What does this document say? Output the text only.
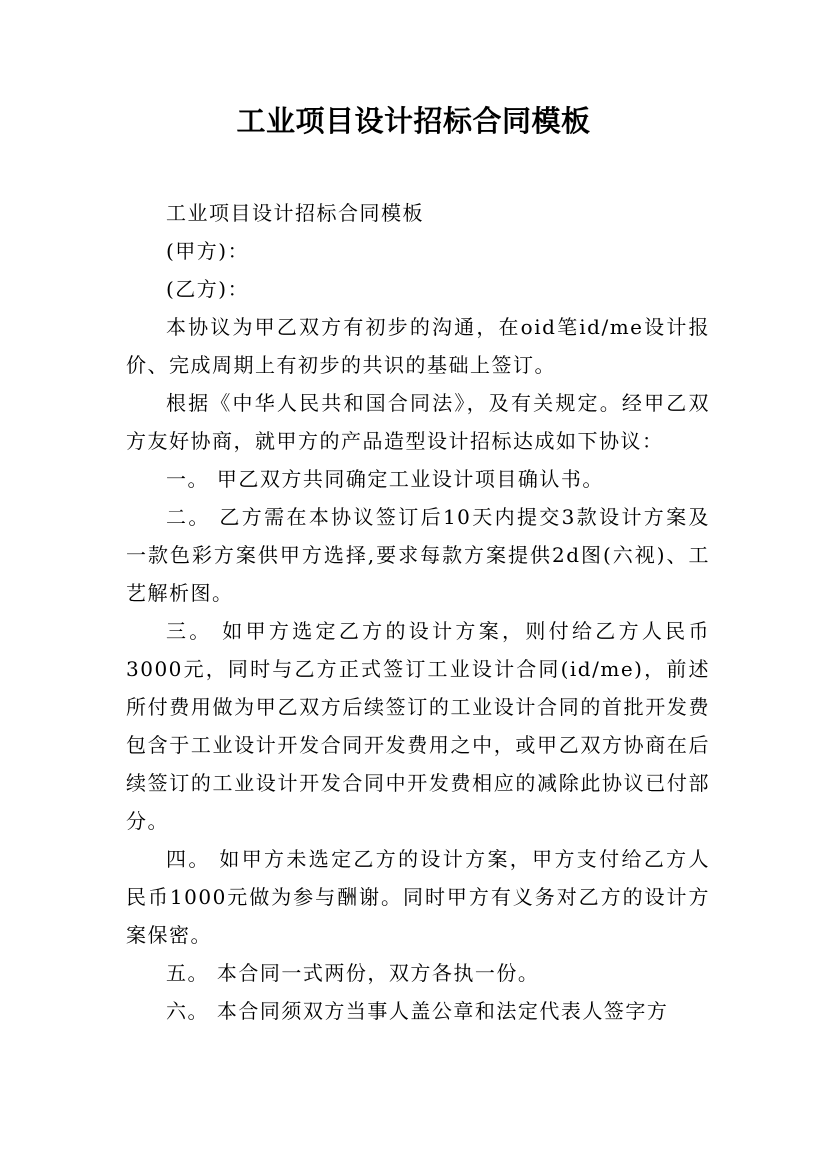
工业项目设计招标合同模板

工业项目设计招标合同模板

(甲方)：

(乙方)：

本协议为甲乙双方有初步的沟通，在oid笔id/me设计报价、完成周期上有初步的共识的基础上签订。

根据《中华人民共和国合同法》，及有关规定。经甲乙双方友好协商，就甲方的产品造型设计招标达成如下协议：

一。 甲乙双方共同确定工业设计项目确认书。

二。 乙方需在本协议签订后10天内提交3款设计方案及一款色彩方案供甲方选择,要求每款方案提供2d图(六视)、工艺解析图。

三。 如甲方选定乙方的设计方案，则付给乙方人民币3000元，同时与乙方正式签订工业设计合同(id/me)，前述所付费用做为甲乙双方后续签订的工业设计合同的首批开发费包含于工业设计开发合同开发费用之中，或甲乙双方协商在后续签订的工业设计开发合同中开发费相应的减除此协议已付部分。

四。 如甲方未选定乙方的设计方案，甲方支付给乙方人民币1000元做为参与酬谢。同时甲方有义务对乙方的设计方案保密。

五。 本合同一式两份，双方各执一份。

六。 本合同须双方当事人盖公章和法定代表人签字方
